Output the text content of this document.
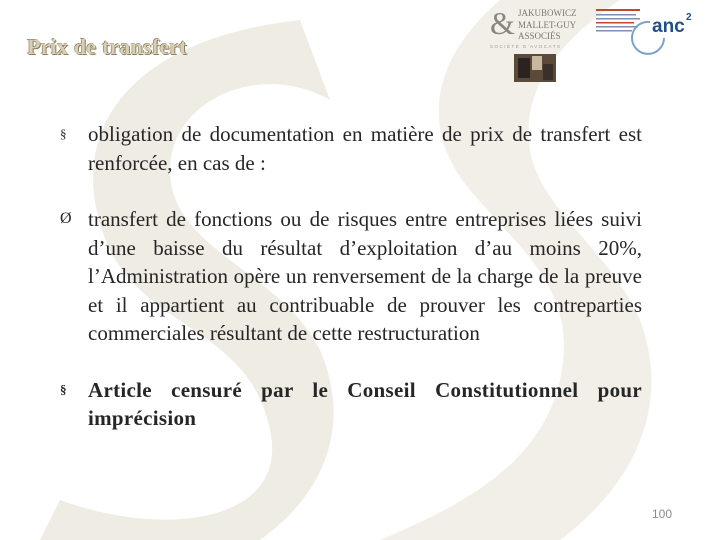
Prix de transfert
& JAKUBOWICZ
MALLET-GUY
ASSOCIÉS
SOCIÉTÉ D'AVOCATS
anc 2
§ obligation de documentation en matière de prix de transfert est renforcée, en cas de :
Ø transfert de fonctions ou de risques entre entreprises liées suivi d’une baisse du résultat d’exploitation d’au moins 20%, l’Administration opère un renversement de la charge de la preuve et il appartient au contribuable de prouver les contreparties commerciales résultant de cette restructuration
§ Article censuré par le Conseil Constitutionnel pour imprécision
100
